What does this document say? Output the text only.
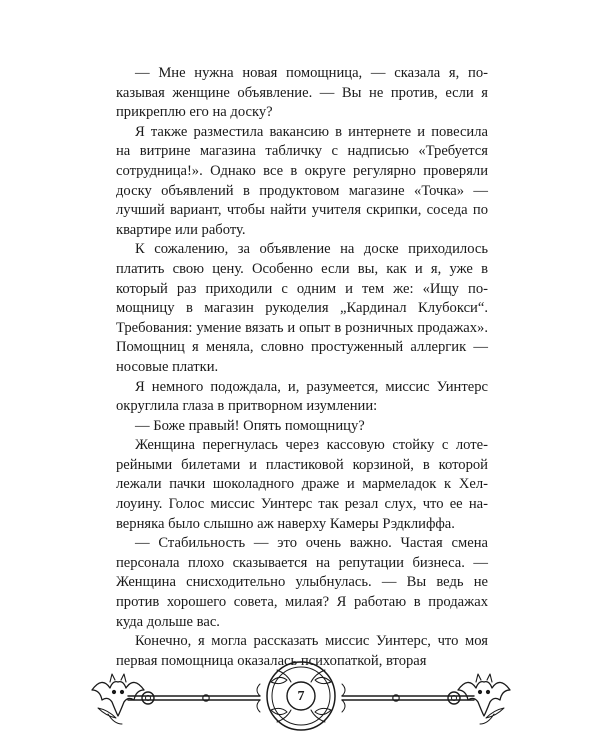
— Мне нужна новая помощница, — сказала я, показывая женщине объявление. — Вы не против, если я прикреплю его на доску?

Я также разместила вакансию в интернете и повесила на витрине магазина табличку с надписью «Требуется сотрудница!». Однако все в округе регулярно проверяли доску объявлений в продуктовом магазине «Точка» — лучший вариант, чтобы найти учителя скрипки, соседа по квартире или работу.

К сожалению, за объявление на доске приходилось платить свою цену. Особенно если вы, как и я, уже в который раз приходили с одним и тем же: «Ищу помощницу в магазин рукоделия „Кардинал Клубокси“. Требования: умение вязать и опыт в розничных продажах». Помощниц я меняла, словно простуженный аллергик — носовые платки.

Я немного подождала, и, разумеется, миссис Уинтерс округлила глаза в притворном изумлении:

— Боже правый! Опять помощницу?

Женщина перегнулась через кассовую стойку с лотерейными билетами и пластиковой корзиной, в которой лежали пачки шоколадного драже и мармеладок к Хеллоуину. Голос миссис Уинтерс так резал слух, что ее наверняка было слышно аж наверху Камеры Рэдклиффа.

— Стабильность — это очень важно. Частая смена персонала плохо сказывается на репутации бизнеса. — Женщина снисходительно улыбнулась. — Вы ведь не против хорошего совета, милая? Я работаю в продажах куда дольше вас.

Конечно, я могла рассказать миссис Уинтерс, что моя первая помощница оказалась психопаткой, вторая

7
